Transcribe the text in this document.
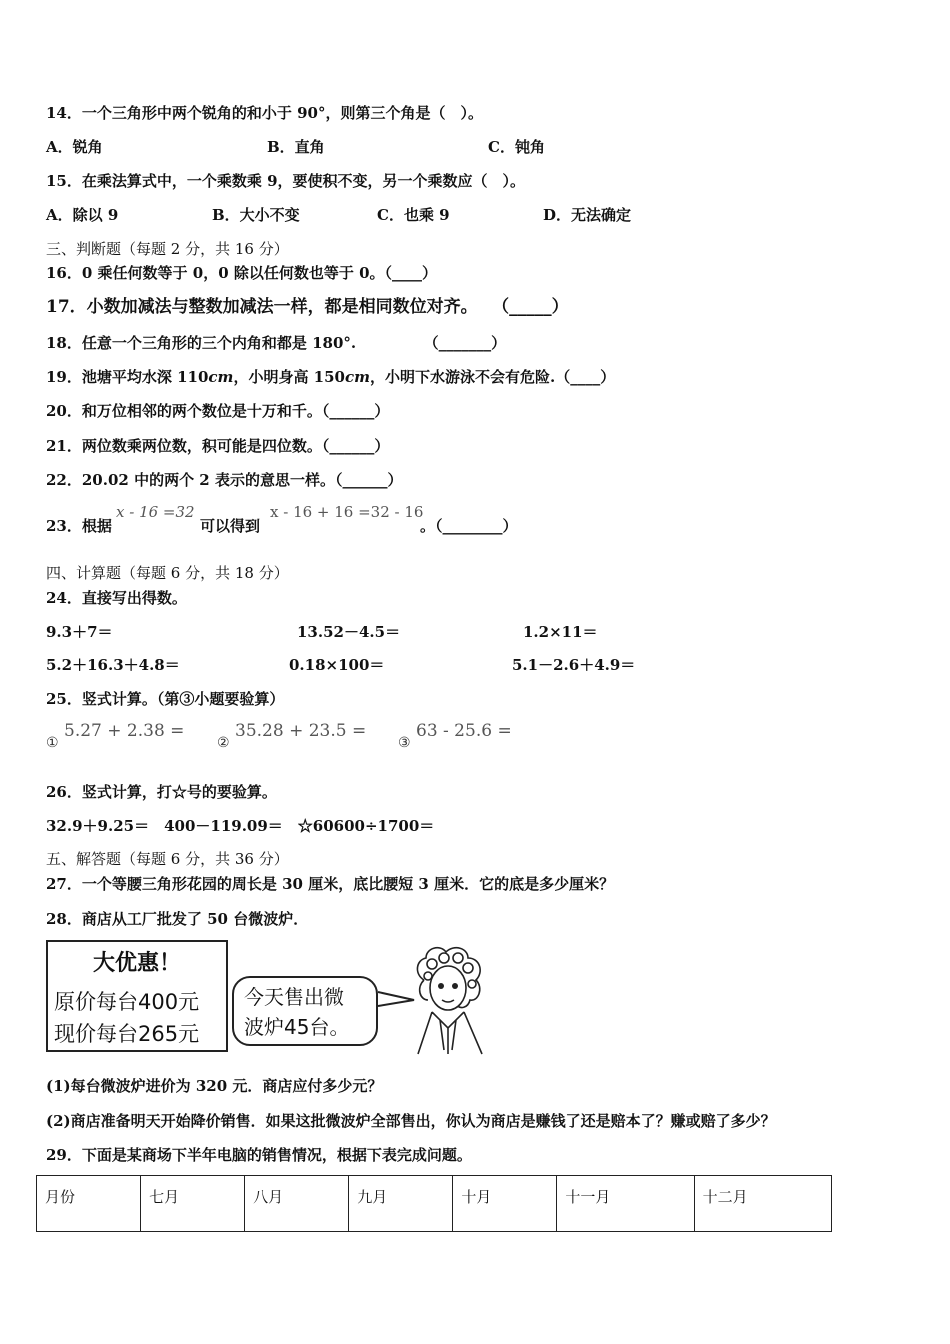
14．一个三角形中两个锐角的和小于 90°，则第三个角是（　）。
A．锐角	B．直角	C．钝角
15．在乘法算式中，一个乘数乘 9，要使积不变，另一个乘数应（　）。
A．除以 9	B．大小不变	C．也乘 9	D．无法确定
三、判断题（每题 2 分，共 16 分）
16．0 乘任何数等于 0，0 除以任何数也等于 0。（____）
17．小数加减法与整数加减法一样，都是相同数位对齐。　 （_____）
18．任意一个三角形的三个内角和都是 180°.　　　　　（_______）
19．池塘平均水深 110cm，小明身高 150cm，小明下水游泳不会有危险.（____）
20．和万位相邻的两个数位是十万和千。（______）
21．两位数乘两位数，积可能是四位数。（______）
22．20.02 中的两个 2 表示的意思一样。（______）
23．根据
x - 16 =32
可以得到
x - 16 + 16 =32 - 16
。（________）
四、计算题（每题 6 分，共 18 分）
24．直接写出得数。
9.3＋7＝	13.52－4.5＝	1.2×11＝
5.2＋16.3＋4.8＝	0.18×100＝	5.1－2.6＋4.9＝
25．竖式计算。（第③小题要验算）
①
5.27 + 2.38 =
②
35.28 + 23.5 =
③
63 - 25.6 =
26．竖式计算，打☆号的要验算。
32.9＋9.25＝　400－119.09＝　☆60600÷1700＝
五、解答题（每题 6 分，共 36 分）
27．一个等腰三角形花园的周长是 30 厘米，底比腰短 3 厘米．它的底是多少厘米？
28．商店从工厂批发了 50 台微波炉．
大优惠！
原价每台400元
现价每台265元
今天售出微
波炉45台。
(1)每台微波炉进价为 320 元．商店应付多少元？
(2)商店准备明天开始降价销售．如果这批微波炉全部售出，你认为商店是赚钱了还是赔本了？赚或赔了多少？
29．下面是某商场下半年电脑的销售情况，根据下表完成问题。
月份	七月	八月	九月	十月	十一月	十二月
